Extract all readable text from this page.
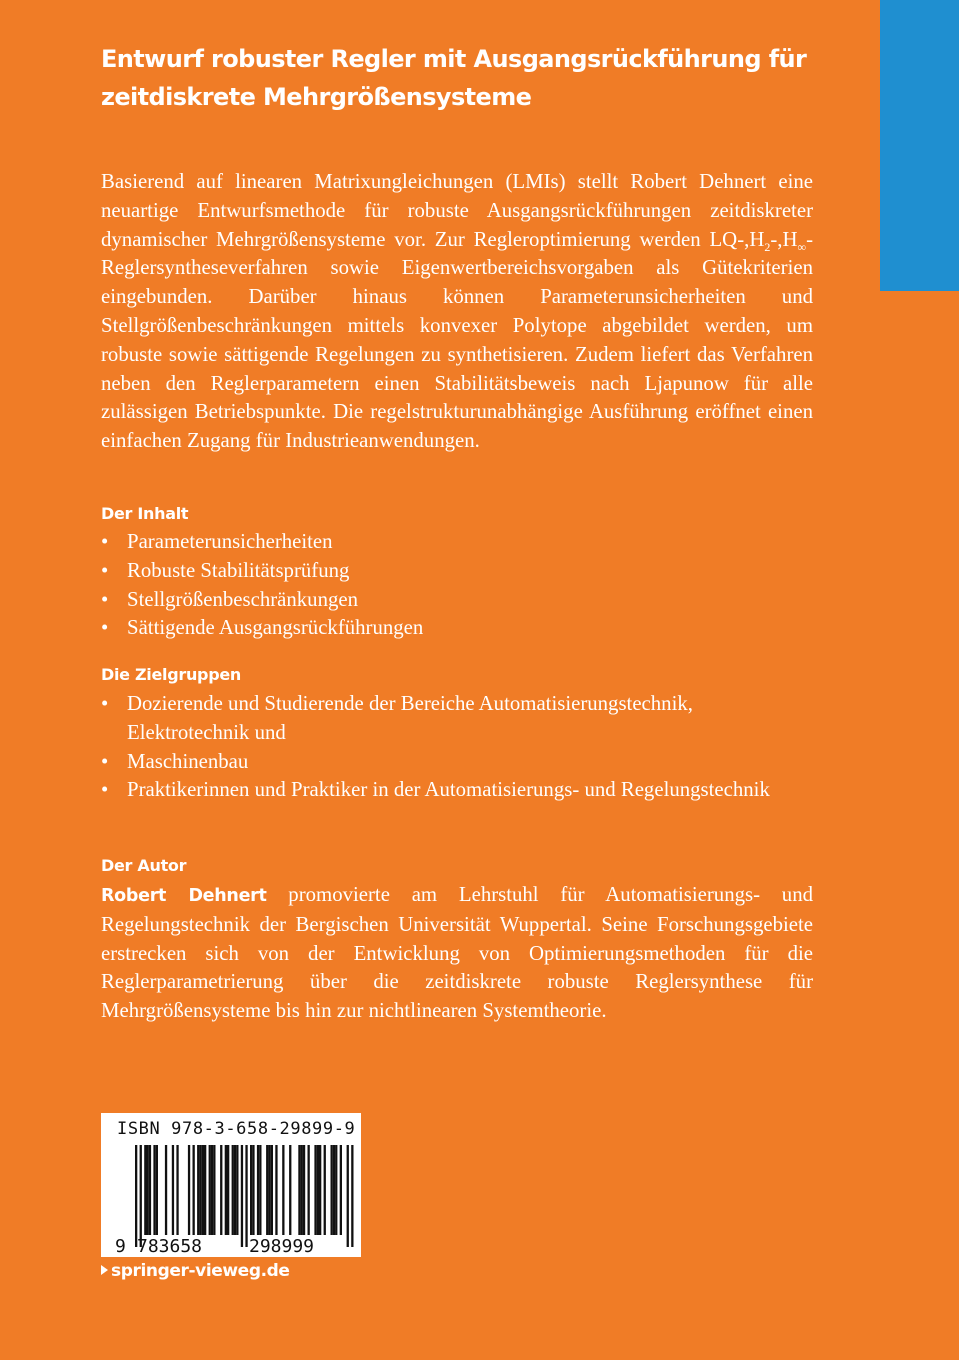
Entwurf robuster Regler mit Ausgangsrückführung für
zeitdiskrete Mehrgrößensysteme

Basierend auf linearen Matrixungleichungen (LMIs) stellt Robert Dehnert eine neuartige Entwurfsmethode für robuste Ausgangsrückführungen zeitdiskreter dynamischer Mehrgrößensysteme vor. Zur Regleroptimierung werden $LQ-,H_2-,H_\infty$-Reglersyntheseverfahren sowie Eigenwertbereichsvorgaben als Gütekriterien eingebunden. Darüber hinaus können Parameterunsicherheiten und Stellgrößenbeschränkungen mittels konvexer Polytope abgebildet werden, um robuste sowie sättigende Regelungen zu synthetisieren. Zudem liefert das Verfahren neben den Reglerparametern einen Stabilitätsbeweis nach Ljapunow für alle zulässigen Betriebspunkte. Die regelstrukturunabhängige Ausführung eröffnet einen einfachen Zugang für Industrieanwendungen.

Der Inhalt
• Parameterunsicherheiten
• Robuste Stabilitätsprüfung
• Stellgrößenbeschränkungen
• Sättigende Ausgangsrückführungen
Die Zielgruppen
• Dozierende und Studierende der Bereiche Automatisierungstechnik, Elektrotechnik und
• Maschinenbau
• Praktikerinnen und Praktiker in der Automatisierungs- und Regelungstechnik
Der Autor

Robert Dehnert promovierte am Lehrstuhl für Automatisierungs- und Regelungstechnik der Bergischen Universität Wuppertal. Seine Forschungsgebiete erstrecken sich von der Entwicklung von Optimierungsmethoden für die Reglerparametrierung über die zeitdiskrete robuste Reglersynthese für Mehrgrößensysteme bis hin zur nichtlinearen Systemtheorie.

ISBN 978-3-658-29899-9
9 783658	298999
springer-vieweg.de
